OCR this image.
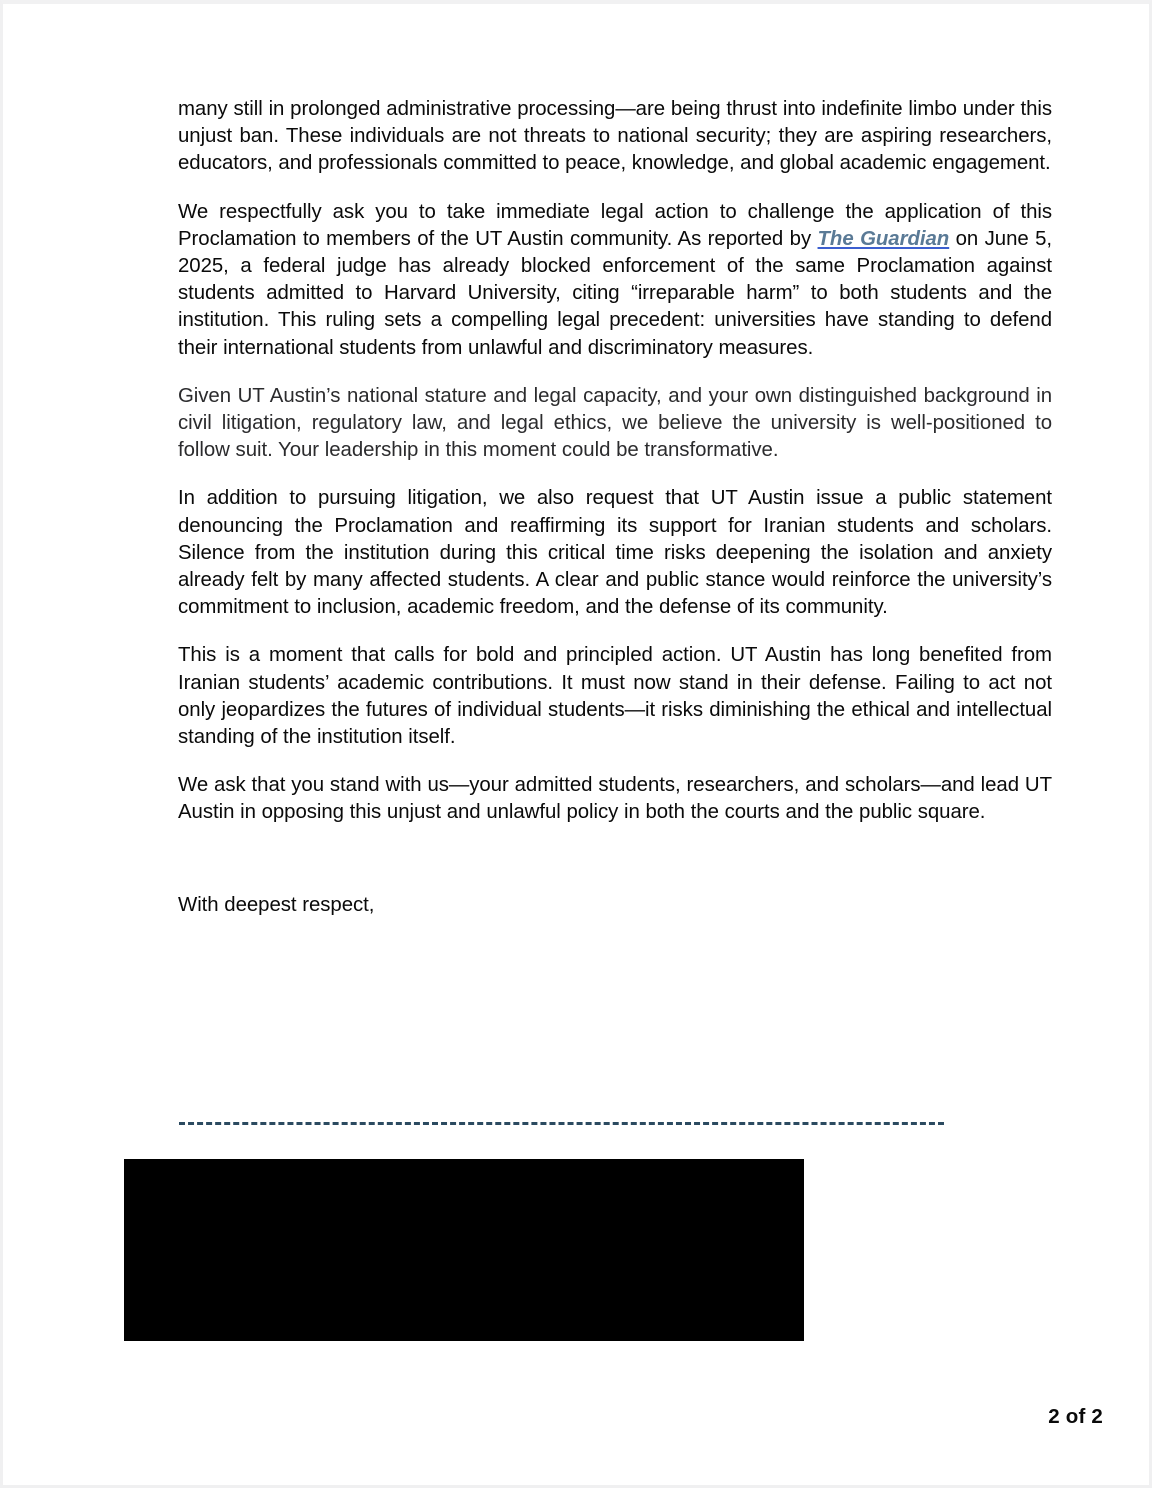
many still in prolonged administrative processing—are being thrust into indefinite limbo under this unjust ban. These individuals are not threats to national security; they are aspiring researchers, educators, and professionals committed to peace, knowledge, and global academic engagement.

We respectfully ask you to take immediate legal action to challenge the application of this Proclamation to members of the UT Austin community. As reported by The Guardian on June 5, 2025, a federal judge has already blocked enforcement of the same Proclamation against students admitted to Harvard University, citing “irreparable harm” to both students and the institution. This ruling sets a compelling legal precedent: universities have standing to defend their international students from unlawful and discriminatory measures.

Given UT Austin’s national stature and legal capacity, and your own distinguished background in civil litigation, regulatory law, and legal ethics, we believe the university is well-positioned to follow suit. Your leadership in this moment could be transformative.

In addition to pursuing litigation, we also request that UT Austin issue a public statement denouncing the Proclamation and reaffirming its support for Iranian students and scholars. Silence from the institution during this critical time risks deepening the isolation and anxiety already felt by many affected students. A clear and public stance would reinforce the university’s commitment to inclusion, academic freedom, and the defense of its community.

This is a moment that calls for bold and principled action. UT Austin has long benefited from Iranian students’ academic contributions. It must now stand in their defense. Failing to act not only jeopardizes the futures of individual students—it risks diminishing the ethical and intellectual standing of the institution itself.

We ask that you stand with us—your admitted students, researchers, and scholars—and lead UT Austin in opposing this unjust and unlawful policy in both the courts and the public square.

With deepest respect,

2 of 2
